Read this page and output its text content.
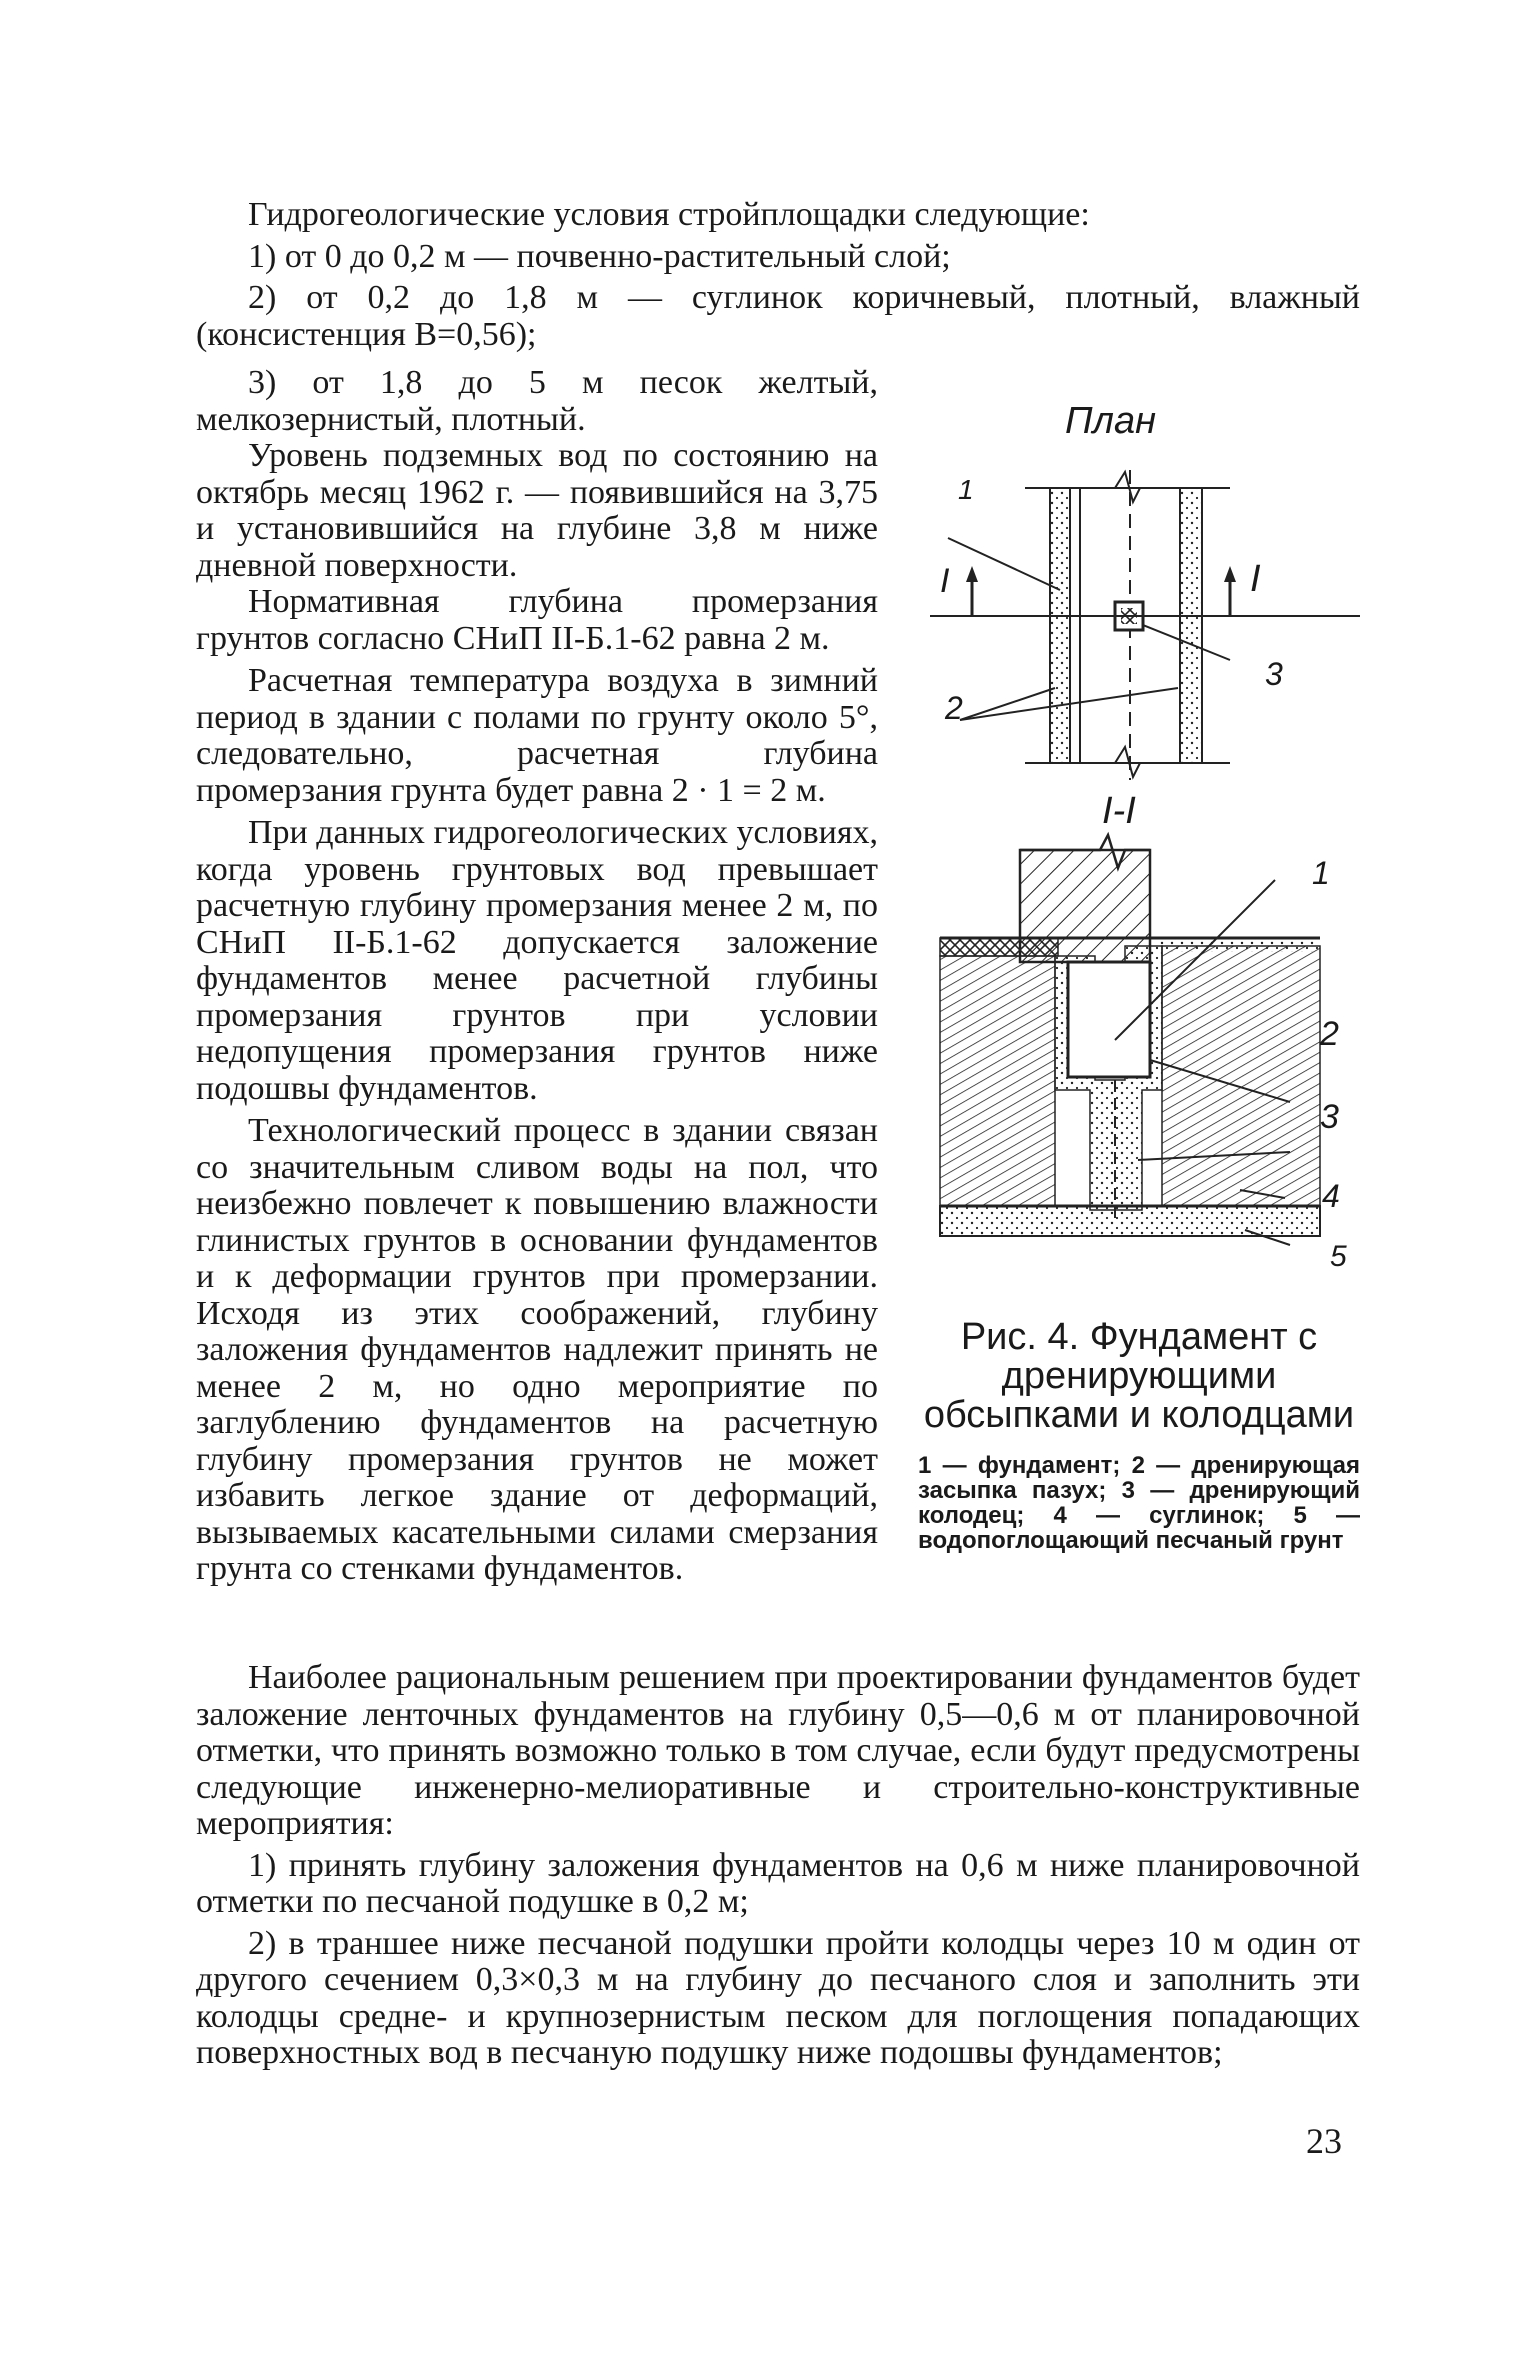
Гидрогеологические условия стройплощадки следующие:

1) от 0 до 0,2 м — почвенно-растительный слой;

2) от 0,2 до 1,8 м — суглинок коричневый, плотный, влажный (консистенция B=0,56);

3) от 1,8 до 5 м песок желтый, мелкозернистый, плотный.

Уровень подземных вод по состоянию на октябрь месяц 1962 г. — появившийся на 3,75 и установившийся на глубине 3,8 м ниже дневной поверхности.

Нормативная глубина промерзания грунтов согласно СНиП II-Б.1-62 равна 2 м.

Расчетная температура воздуха в зимний период в здании с полами по грунту около 5°, следовательно, расчетная глубина промерзания грунта будет равна 2 · 1 = 2 м.

При данных гидрогеологических условиях, когда уровень грунтовых вод превышает расчетную глубину промерзания менее 2 м, по СНиП II-Б.1-62 допускается заложение фундаментов менее расчетной глубины промерзания грунтов при условии недопущения промерзания грунтов ниже подошвы фундаментов.

Технологический процесс в здании связан со значительным сливом воды на пол, что неизбежно повлечет к повышению влажности глинистых грунтов в основании фундаментов и к деформации грунтов при промерзании. Исходя из этих соображений, глубину заложения фундаментов надлежит принять не менее 2 м, но одно мероприятие по заглублению фундаментов на расчетную глубину промерзания грунтов не может избавить легкое здание от деформаций, вызываемых касательными силами смерзания грунта со стенками фундаментов.

План
I-I
I	I
1
2
3
1
2
3
4
5
Рис. 4. Фундамент с дренирующими обсыпками и колодцами
1 — фундамент; 2 — дренирующая засыпка пазух; 3 — дренирующий колодец; 4 — суглинок; 5 — водопоглощающий песчаный грунт

Наиболее рациональным решением при проектировании фундаментов будет заложение ленточных фундаментов на глубину 0,5—0,6 м от планировочной отметки, что принять возможно только в том случае, если будут предусмотрены следующие инженерно-мелиоративные и строительно-конструктивные мероприятия:

1) принять глубину заложения фундаментов на 0,6 м ниже планировочной отметки по песчаной подушке в 0,2 м;

2) в траншее ниже песчаной подушки пройти колодцы через 10 м один от другого сечением 0,3×0,3 м на глубину до песчаного слоя и заполнить эти колодцы средне- и крупнозернистым песком для поглощения попадающих поверхностных вод в песчаную подушку ниже подошвы фундаментов;

23
